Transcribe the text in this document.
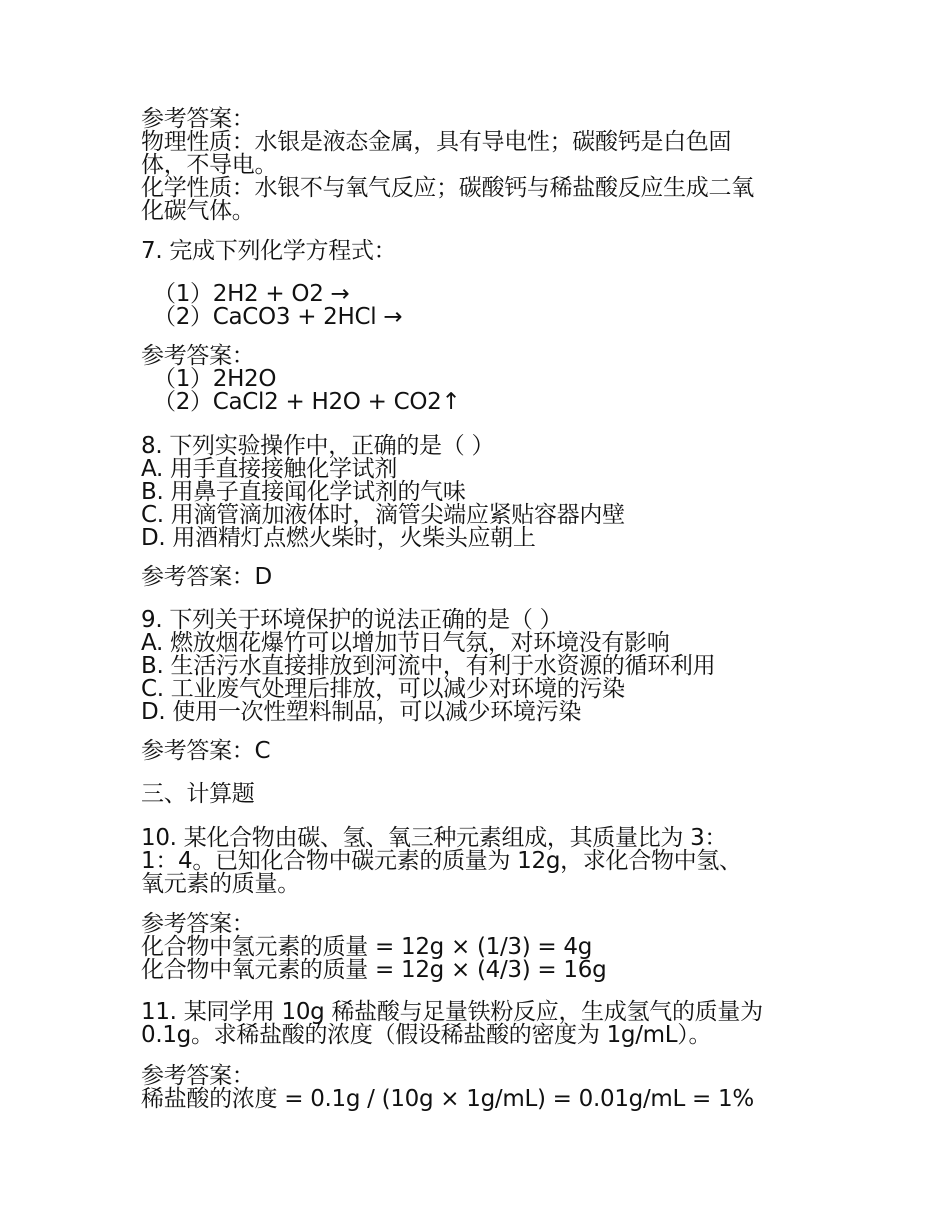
参考答案：
物理性质：水银是液态金属，具有导电性；碳酸钙是白色固
体，不导电。
化学性质：水银不与氧气反应；碳酸钙与稀盐酸反应生成二氧
化碳气体。
7. 完成下列化学方程式：
（1）2H2 + O2 →
（2）CaCO3 + 2HCl →
参考答案：
（1）2H2O
（2）CaCl2 + H2O + CO2↑
8. 下列实验操作中，正确的是（ ）
A. 用手直接接触化学试剂
B. 用鼻子直接闻化学试剂的气味
C. 用滴管滴加液体时，滴管尖端应紧贴容器内壁
D. 用酒精灯点燃火柴时，火柴头应朝上
参考答案：D
9. 下列关于环境保护的说法正确的是（ ）
A. 燃放烟花爆竹可以增加节日气氛，对环境没有影响
B. 生活污水直接排放到河流中，有利于水资源的循环利用
C. 工业废气处理后排放，可以减少对环境的污染
D. 使用一次性塑料制品，可以减少环境污染
参考答案：C
三、计算题
10. 某化合物由碳、氢、氧三种元素组成，其质量比为 3：
1：4。已知化合物中碳元素的质量为 12g，求化合物中氢、
氧元素的质量。
参考答案：
化合物中氢元素的质量 = 12g × (1/3) = 4g
化合物中氧元素的质量 = 12g × (4/3) = 16g
11. 某同学用 10g 稀盐酸与足量铁粉反应，生成氢气的质量为
0.1g。求稀盐酸的浓度（假设稀盐酸的密度为 1g/mL）。
参考答案：
稀盐酸的浓度 = 0.1g / (10g × 1g/mL) = 0.01g/mL = 1%
